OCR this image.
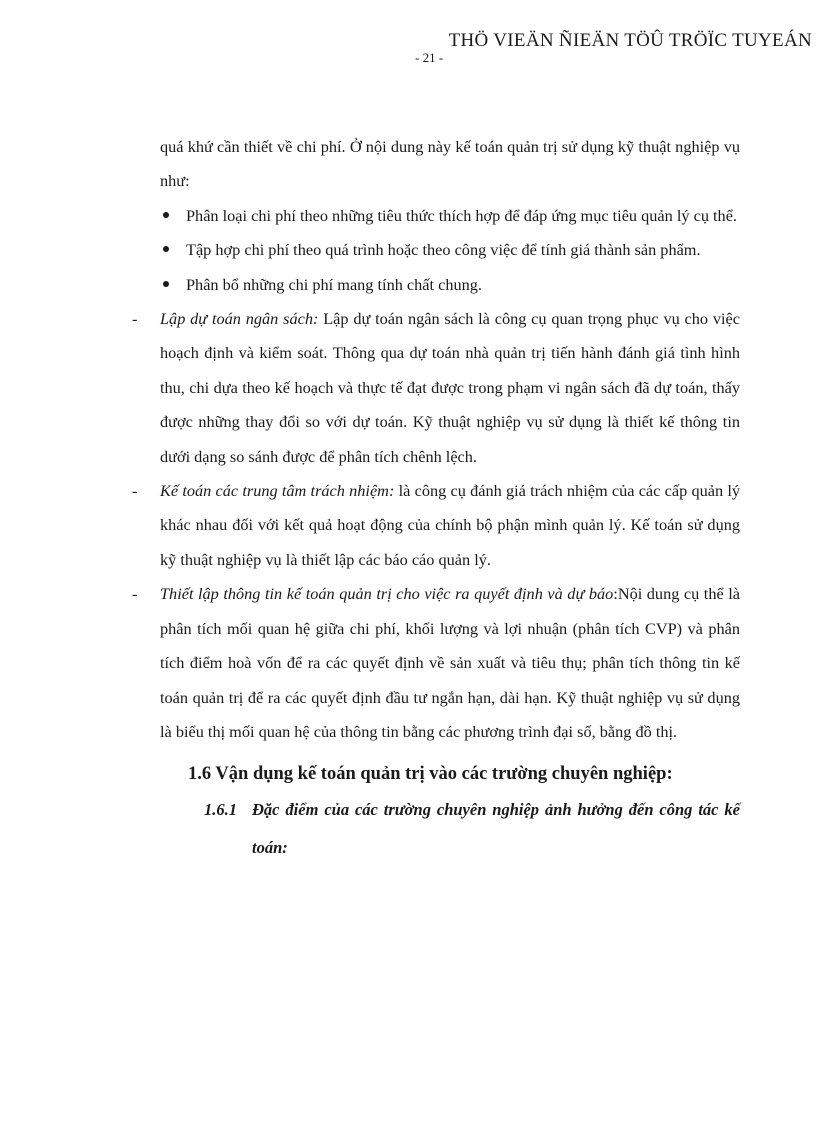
THÖ VIEÄN ÑIEÄN TÖÛ TRÖÏC TUYEÁN
- 21 -

quá khứ cần thiết về chi phí. Ở nội dung này kế toán quản trị sử dụng kỹ thuật nghiệp vụ như:

Phân loại chi phí theo những tiêu thức thích hợp để đáp ứng mục tiêu quản lý cụ thể.
Tập hợp chi phí theo quá trình hoặc theo công việc để tính giá thành sản phẩm.
Phân bổ những chi phí mang tính chất chung.
- Lập dự toán ngân sách: Lập dự toán ngân sách là công cụ quan trọng phục vụ cho việc hoạch định và kiểm soát. Thông qua dự toán nhà quản trị tiến hành đánh giá tình hình thu, chi dựa theo kế hoạch và thực tế đạt được trong phạm vi ngân sách đã dự toán, thấy được những thay đổi so với dự toán. Kỹ thuật nghiệp vụ sử dụng là thiết kế thông tin dưới dạng so sánh được để phân tích chênh lệch.
- Kế toán các trung tâm trách nhiệm: là công cụ đánh giá trách nhiệm của các cấp quản lý khác nhau đối với kết quả hoạt động của chính bộ phận mình quản lý. Kế toán sử dụng kỹ thuật nghiệp vụ là thiết lập các báo cáo quản lý.
- Thiết lập thông tin kế toán quản trị cho việc ra quyết định và dự báo:Nội dung cụ thể là phân tích mối quan hệ giữa chi phí, khối lượng và lợi nhuận (phân tích CVP) và phân tích điểm hoà vốn để ra các quyết định về sản xuất và tiêu thụ; phân tích thông tin kế toán quản trị để ra các quyết định đầu tư ngắn hạn, dài hạn. Kỹ thuật nghiệp vụ sử dụng là biểu thị mối quan hệ của thông tin bằng các phương trình đại số, bằng đồ thị.
1.6 Vận dụng kế toán quản trị vào các trường chuyên nghiệp:
1.6.1 Đặc điểm của các trường chuyên nghiệp ảnh hưởng đến công tác kế toán:
